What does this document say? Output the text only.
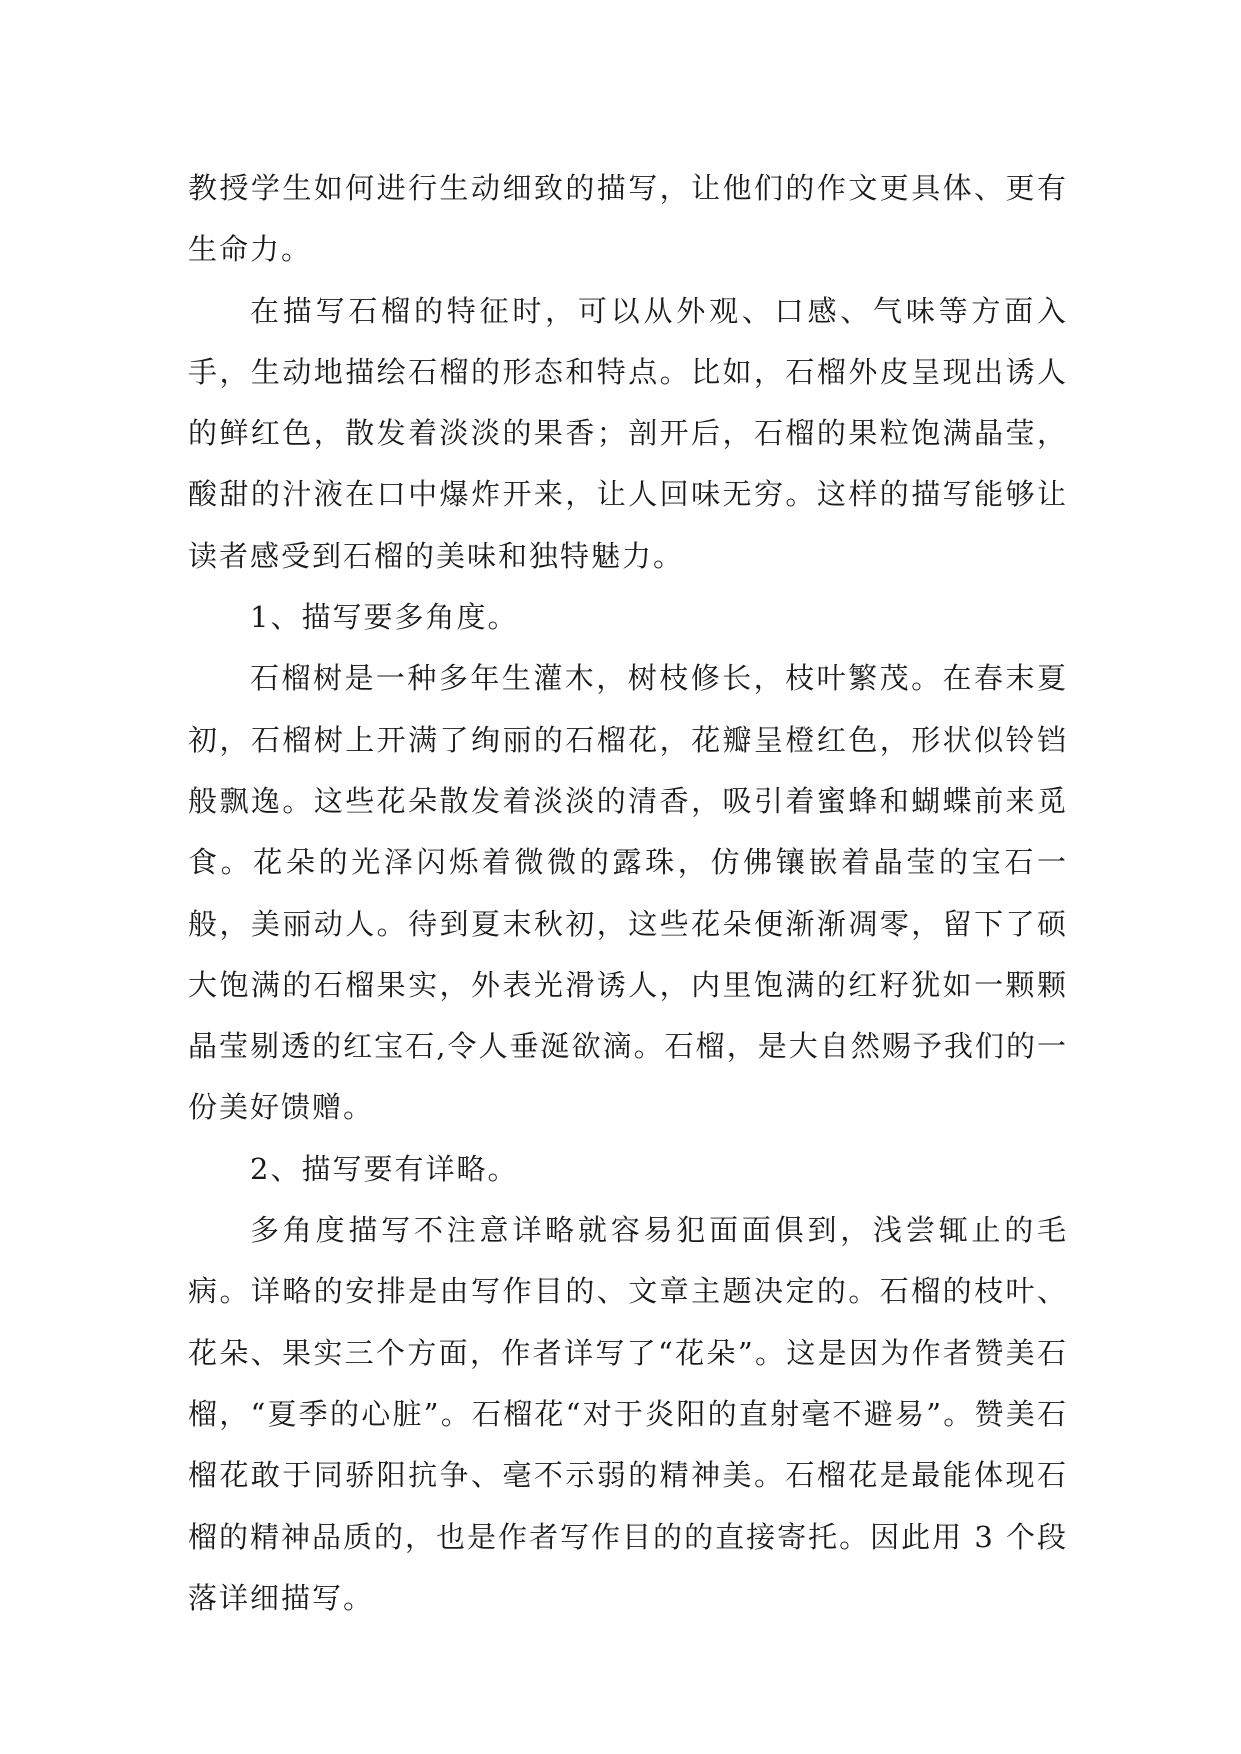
教授学生如何进行生动细致的描写，让他们的作文更具体、更有生命力。

在描写石榴的特征时，可以从外观、口感、气味等方面入手，生动地描绘石榴的形态和特点。比如，石榴外皮呈现出诱人的鲜红色，散发着淡淡的果香；剖开后，石榴的果粒饱满晶莹，酸甜的汁液在口中爆炸开来，让人回味无穷。这样的描写能够让读者感受到石榴的美味和独特魅力。

1、描写要多角度。

石榴树是一种多年生灌木，树枝修长，枝叶繁茂。在春末夏初，石榴树上开满了绚丽的石榴花，花瓣呈橙红色，形状似铃铛般飘逸。这些花朵散发着淡淡的清香，吸引着蜜蜂和蝴蝶前来觅食。花朵的光泽闪烁着微微的露珠，仿佛镶嵌着晶莹的宝石一般，美丽动人。待到夏末秋初，这些花朵便渐渐凋零，留下了硕大饱满的石榴果实，外表光滑诱人，内里饱满的红籽犹如一颗颗晶莹剔透的红宝石,令人垂涎欲滴。石榴，是大自然赐予我们的一份美好馈赠。

2、描写要有详略。

多角度描写不注意详略就容易犯面面俱到，浅尝辄止的毛病。详略的安排是由写作目的、文章主题决定的。石榴的枝叶、花朵、果实三个方面，作者详写了“花朵”。这是因为作者赞美石榴，“夏季的心脏”。石榴花“对于炎阳的直射毫不避易”。赞美石榴花敢于同骄阳抗争、毫不示弱的精神美。石榴花是最能体现石榴的精神品质的，也是作者写作目的的直接寄托。因此用 3 个段落详细描写。
